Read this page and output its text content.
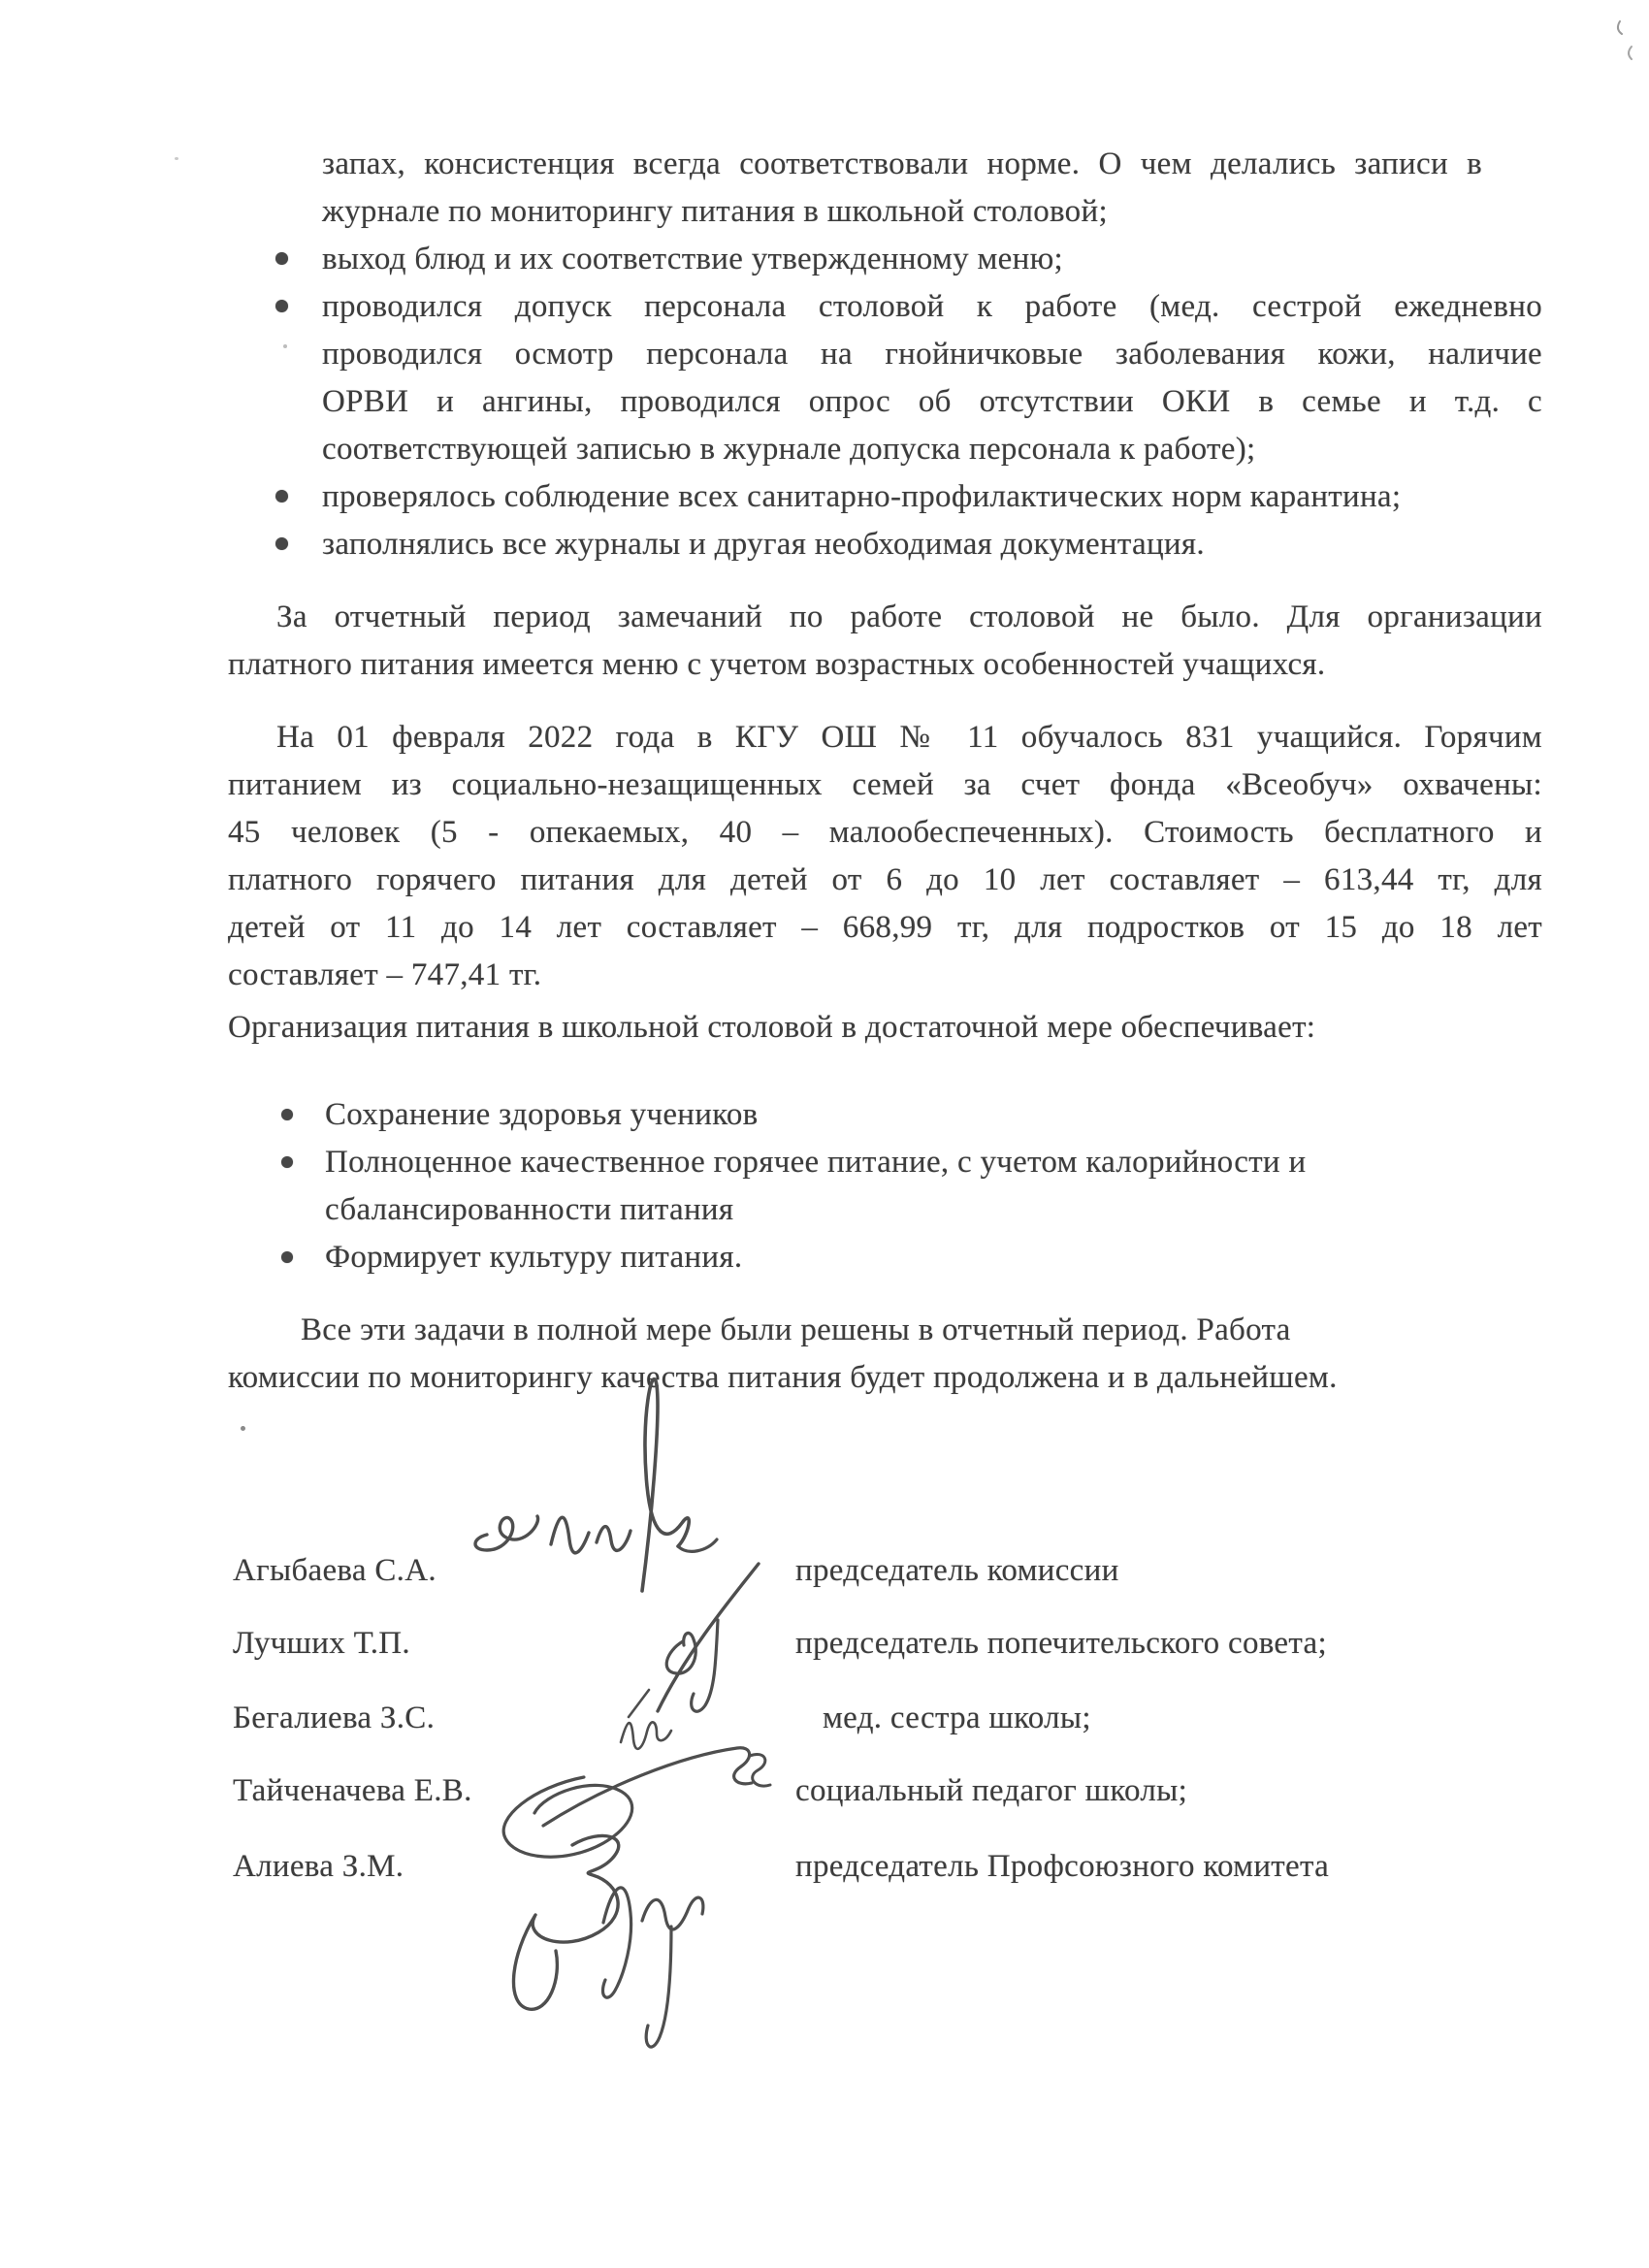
запах, консистенция всегда соответствовали норме. О чем делались записи в
журнале по мониторингу питания в школьной столовой;
выход блюд и их соответствие утвержденному меню;
проводился допуск персонала столовой к работе (мед. сестрой ежедневно
проводился осмотр персонала на гнойничковые заболевания кожи, наличие
ОРВИ и ангины, проводился опрос об отсутствии ОКИ в семье и т.д. с
соответствующей записью в журнале допуска персонала к работе);
проверялось соблюдение всех санитарно-профилактических норм карантина;
заполнялись все журналы и другая необходимая документация.
За отчетный период замечаний по работе столовой не было. Для организации
платного питания имеется меню с учетом возрастных особенностей учащихся.
На 01 февраля 2022 года в КГУ ОШ № 11 обучалось 831 учащийся. Горячим
питанием из социально-незащищенных семей за счет фонда «Всеобуч» охвачены:
45 человек (5 - опекаемых, 40 – малообеспеченных). Стоимость бесплатного и
платного горячего питания для детей от 6 до 10 лет составляет – 613,44 тг, для
детей от 11 до 14 лет составляет – 668,99 тг, для подростков от 15 до 18 лет
составляет – 747,41 тг.
Организация питания в школьной столовой в достаточной мере обеспечивает:
Сохранение здоровья учеников
Полноценное качественное горячее питание, с учетом калорийности и
сбалансированности питания
Формирует культуру питания.
Все эти задачи в полной мере были решены в отчетный период. Работа
комиссии по мониторингу качества питания будет продолжена и в дальнейшем.
Агыбаева С.А.	председатель комиссии
Лучших Т.П.	председатель попечительского совета;
Бегалиева З.С.	мед. сестра школы;
Тайченачева Е.В.	социальный педагог школы;
Алиева З.М.	председатель Профсоюзного комитета
